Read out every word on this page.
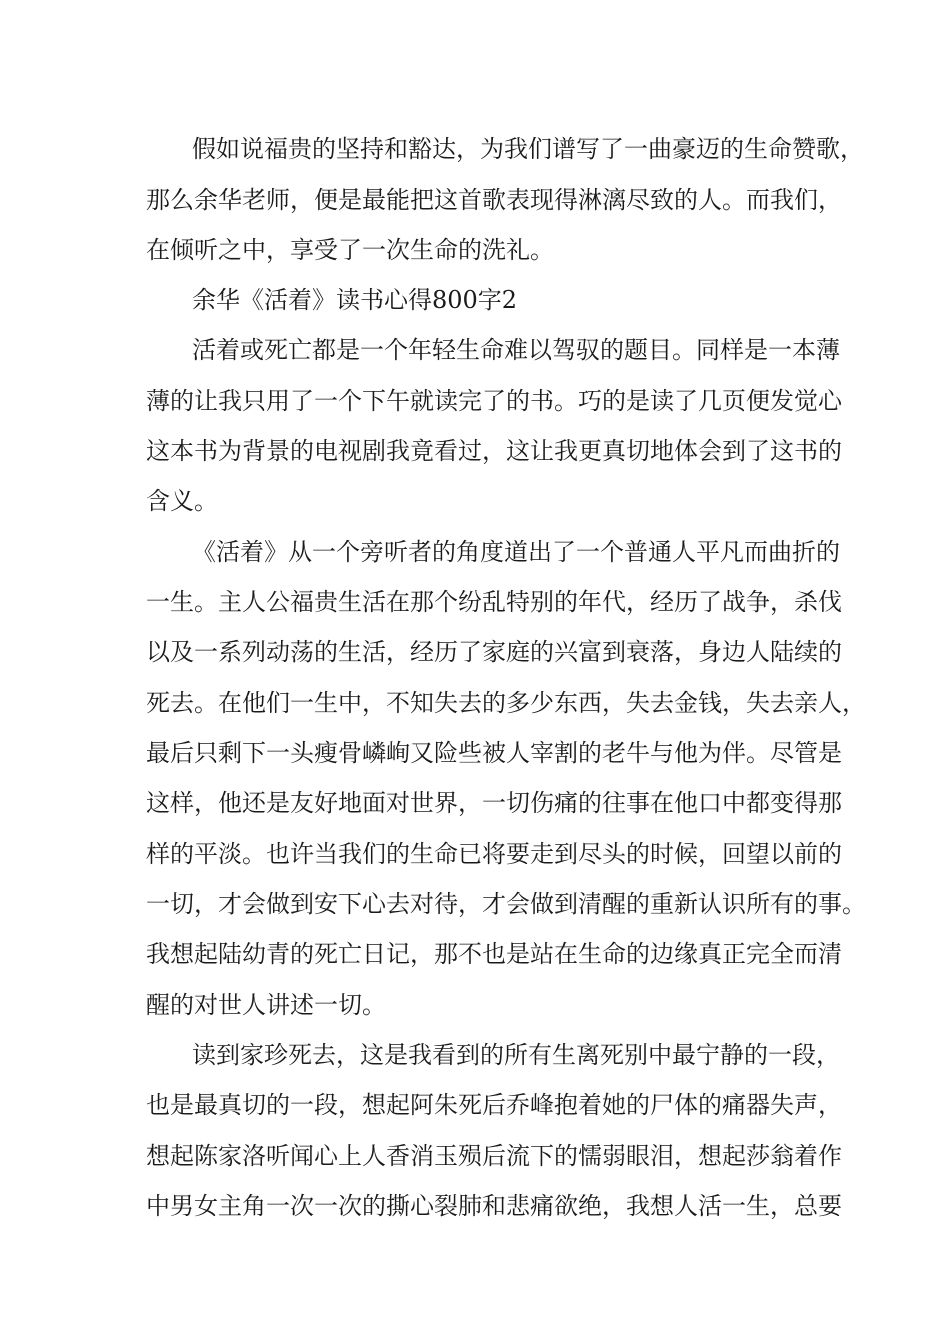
假如说福贵的坚持和豁达，为我们谱写了一曲豪迈的生命赞歌，

那么余华老师，便是最能把这首歌表现得淋漓尽致的人。而我们，

在倾听之中，享受了一次生命的洗礼。

余华《活着》读书心得800字2

活着或死亡都是一个年轻生命难以驾驭的题目。同样是一本薄

薄的让我只用了一个下午就读完了的书。巧的是读了几页便发觉心

这本书为背景的电视剧我竟看过，这让我更真切地体会到了这书的

含义。

《活着》从一个旁听者的角度道出了一个普通人平凡而曲折的

一生。主人公福贵生活在那个纷乱特别的年代，经历了战争，杀伐

以及一系列动荡的生活，经历了家庭的兴富到衰落，身边人陆续的

死去。在他们一生中，不知失去的多少东西，失去金钱，失去亲人，

最后只剩下一头瘦骨嶙峋又险些被人宰割的老牛与他为伴。尽管是

这样，他还是友好地面对世界，一切伤痛的往事在他口中都变得那

样的平淡。也许当我们的生命已将要走到尽头的时候，回望以前的

一切，才会做到安下心去对待，才会做到清醒的重新认识所有的事。

我想起陆幼青的死亡日记，那不也是站在生命的边缘真正完全而清

醒的对世人讲述一切。

读到家珍死去，这是我看到的所有生离死别中最宁静的一段，

也是最真切的一段，想起阿朱死后乔峰抱着她的尸体的痛器失声，

想起陈家洛听闻心上人香消玉殒后流下的懦弱眼泪，想起莎翁着作

中男女主角一次一次的撕心裂肺和悲痛欲绝，我想人活一生，总要
